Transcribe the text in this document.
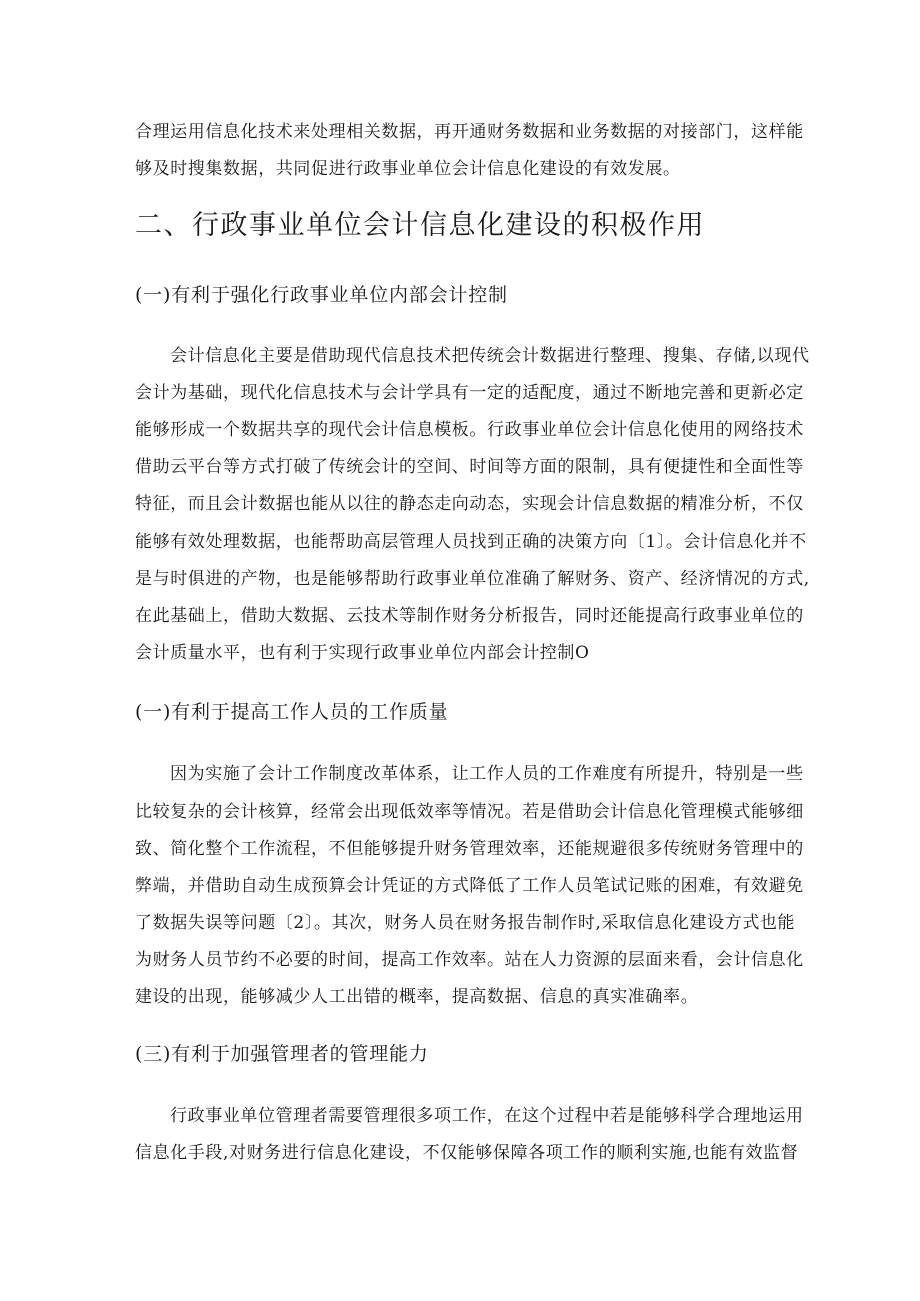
合理运用信息化技术来处理相关数据，再开通财务数据和业务数据的对接部门，这样能
够及时搜集数据，共同促进行政事业单位会计信息化建设的有效发展。
二、行政事业单位会计信息化建设的积极作用
(一)有利于强化行政事业单位内部会计控制
会计信息化主要是借助现代信息技术把传统会计数据进行整理、搜集、存储,以现代
会计为基础，现代化信息技术与会计学具有一定的适配度，通过不断地完善和更新必定
能够形成一个数据共享的现代会计信息模板。行政事业单位会计信息化使用的网络技术
借助云平台等方式打破了传统会计的空间、时间等方面的限制，具有便捷性和全面性等
特征，而且会计数据也能从以往的静态走向动态，实现会计信息数据的精准分析，不仅
能够有效处理数据，也能帮助高层管理人员找到正确的决策方向〔1〕。会计信息化并不
是与时俱进的产物，也是能够帮助行政事业单位准确了解财务、资产、经济情况的方式,
在此基础上，借助大数据、云技术等制作财务分析报告，同时还能提高行政事业单位的
会计质量水平，也有利于实现行政事业单位内部会计控制O
(一)有利于提高工作人员的工作质量
因为实施了会计工作制度改革体系，让工作人员的工作难度有所提升，特别是一些
比较复杂的会计核算，经常会出现低效率等情况。若是借助会计信息化管理模式能够细
致、简化整个工作流程，不但能够提升财务管理效率，还能规避很多传统财务管理中的
弊端，并借助自动生成预算会计凭证的方式降低了工作人员笔试记账的困难，有效避免
了数据失误等问题〔2〕。其次，财务人员在财务报告制作时,采取信息化建设方式也能
为财务人员节约不必要的时间，提高工作效率。站在人力资源的层面来看，会计信息化
建设的出现，能够减少人工出错的概率，提高数据、信息的真实准确率。
(三)有利于加强管理者的管理能力
行政事业单位管理者需要管理很多项工作，在这个过程中若是能够科学合理地运用
信息化手段,对财务进行信息化建设，不仅能够保障各项工作的顺利实施,也能有效监督
